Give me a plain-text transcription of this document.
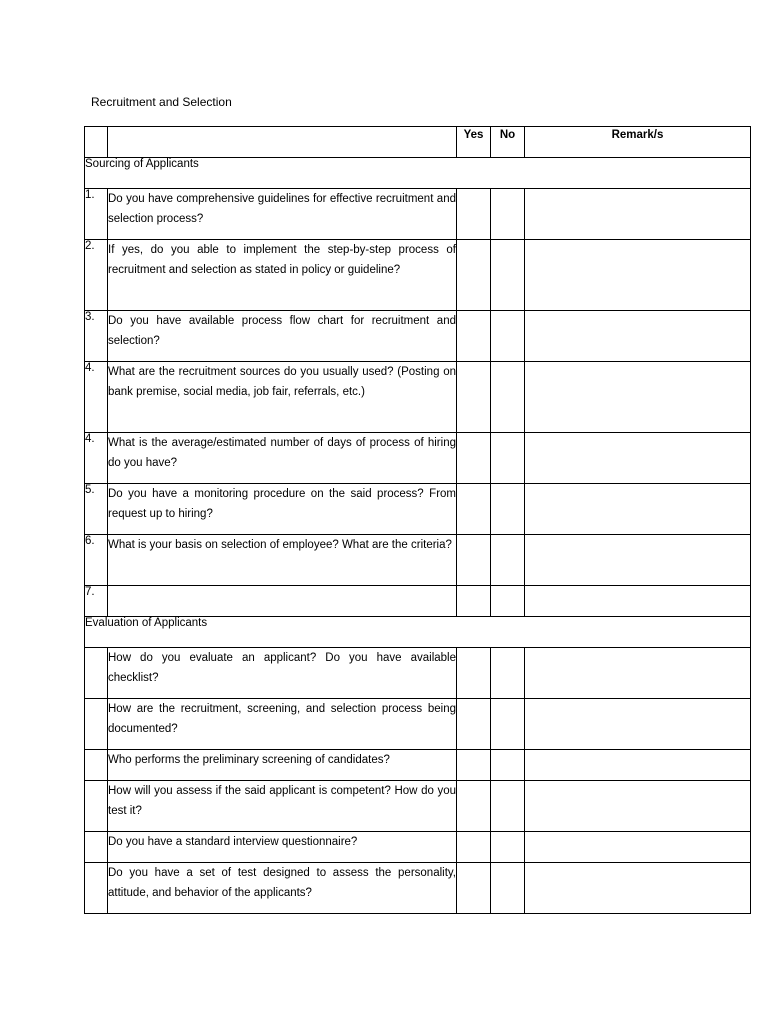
Recruitment and Selection

		Yes	No	Remark/s

Sourcing of Applicants				
1.	Do you have comprehensive guidelines for effective recruitment and selection process?			
2.	If yes, do you able to implement the step-by-step process of recruitment and selection as stated in policy or guideline?			
3.	Do you have available process flow chart for recruitment and selection?			
4.	What are the recruitment sources do you usually used? (Posting on bank premise, social media, job fair, referrals, etc.)			
4.	What is the average/estimated number of days of process of hiring do you have?			
5.	Do you have a monitoring procedure on the said process? From request up to hiring?			
6.	What is your basis on selection of employee? What are the criteria?			
7.				
Evaluation of Applicants				
	How do you evaluate an applicant? Do you have available checklist?			
	How are the recruitment, screening, and selection process being documented?			
	Who performs the preliminary screening of candidates?			
	How will you assess if the said applicant is competent? How do you test it?			
	Do you have a standard interview questionnaire?			
	Do you have a set of test designed to assess the personality, attitude, and behavior of the applicants?			
